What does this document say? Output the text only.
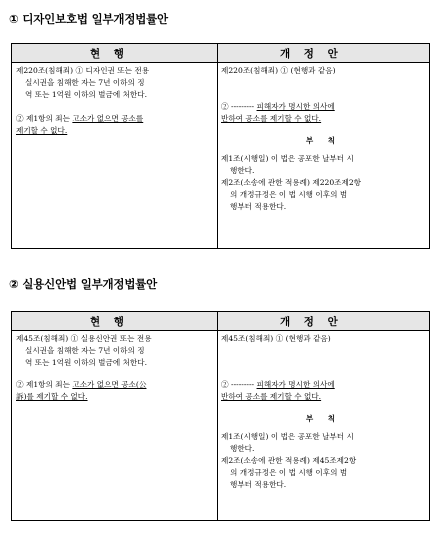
① 디자인보호법 일부개정법률안
현 행	개 정 안
제220조(침해죄) ① 디자인권 또는 전용
실시권을 침해한 자는 7년 이하의 징
역 또는 1억원 이하의 벌금에 처한다.
② 제1항의 죄는 고소가 없으면 공소를
제기할 수 없다.
제220조(침해죄) ① (현행과 같음)
② --------- 피해자가 명시한 의사에
반하여 공소를 제기할 수 없다.
부 칙
제1조(시행일) 이 법은 공포한 날부터 시
행한다.
제2조(소송에 관한 적용례) 제220조제2항
의 개정규정은 이 법 시행 이후의 범
행부터 적용한다.
② 실용신안법 일부개정법률안
현 행	개 정 안
제45조(침해죄) ① 실용신안권 또는 전용
실시권을 침해한 자는 7년 이하의 징
역 또는 1억원 이하의 벌금에 처한다.
② 제1항의 죄는 고소가 없으면 공소(公
訴)를 제기할 수 없다.
제45조(침해죄) ① (현행과 같음)
② --------- 피해자가 명시한 의사에
반하여 공소를 제기할 수 없다.
부 칙
제1조(시행일) 이 법은 공포한 날부터 시
행한다.
제2조(소송에 관한 적용례) 제45조제2항
의 개정규정은 이 법 시행 이후의 범
행부터 적용한다.
